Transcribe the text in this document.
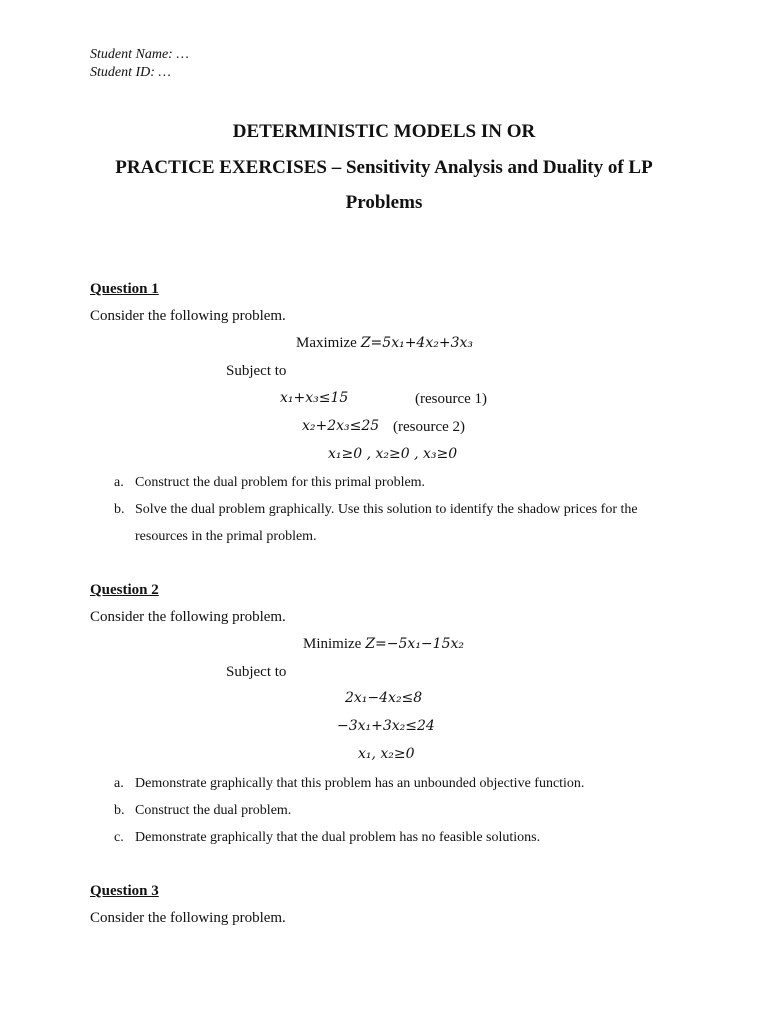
Student Name: …
Student ID: …
DETERMINISTIC MODELS IN OR
PRACTICE EXERCISES – Sensitivity Analysis and Duality of LP
Problems
Question 1
Consider the following problem.
Maximize Z=5x₁+4x₂+3x₃
Subject to
x₁+x₃≤15	(resource 1)
x₂+2x₃≤25 (resource 2)
x₁≥0 , x₂≥0 , x₃≥0
a. Construct the dual problem for this primal problem.
b. Solve the dual problem graphically. Use this solution to identify the shadow prices for the
resources in the primal problem.
Question 2
Consider the following problem.
Minimize Z=−5x₁−15x₂
Subject to
2x₁−4x₂≤8
−3x₁+3x₂≤24
x₁, x₂≥0
a. Demonstrate graphically that this problem has an unbounded objective function.
b. Construct the dual problem.
c. Demonstrate graphically that the dual problem has no feasible solutions.
Question 3
Consider the following problem.
